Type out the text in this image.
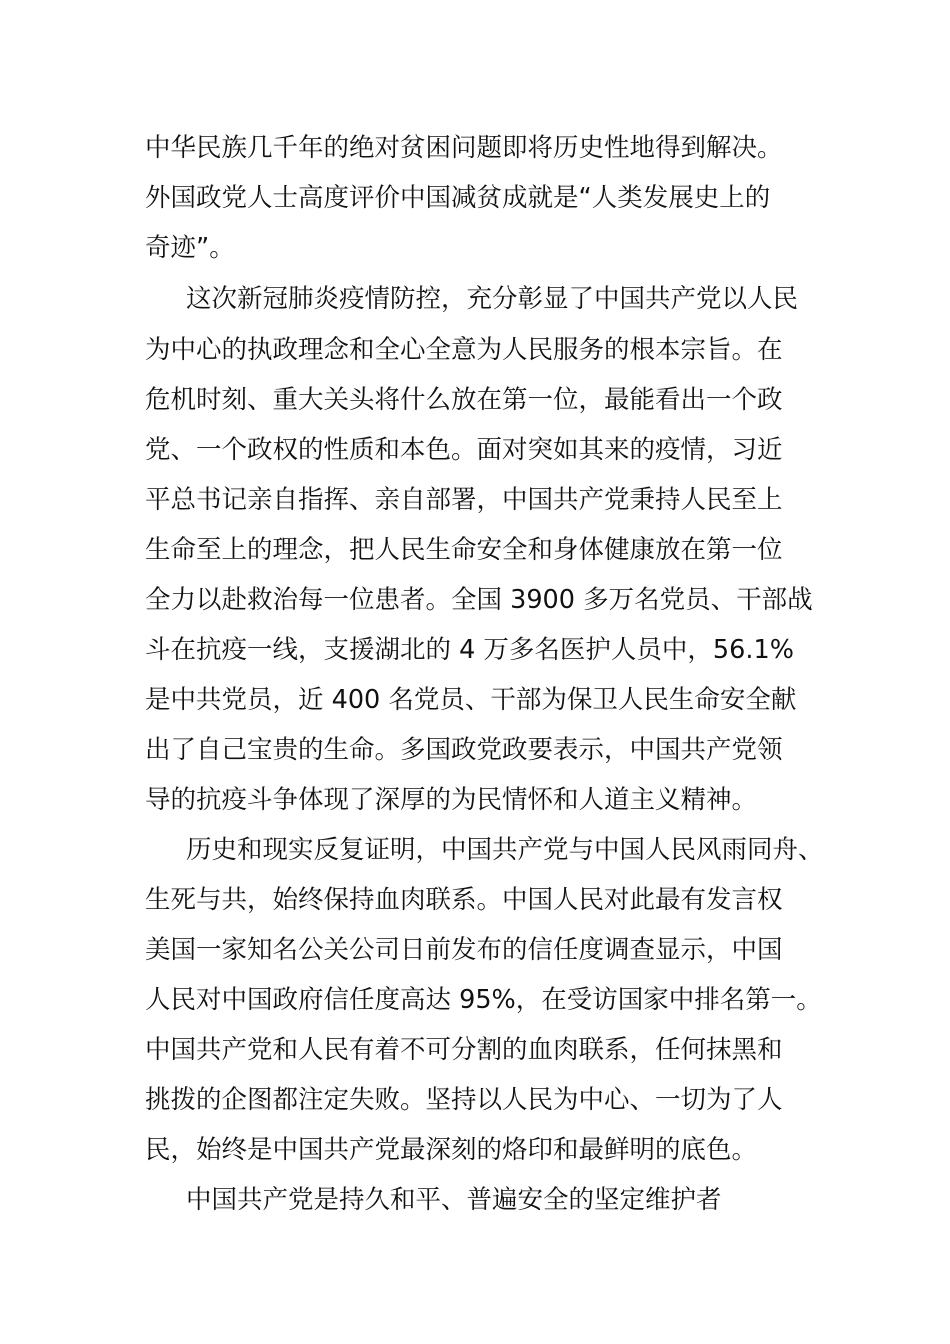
中华民族几千年的绝对贫困问题即将历史性地得到解决。
外国政党人士高度评价中国减贫成就是“人类发展史上的
奇迹”。
这次新冠肺炎疫情防控，充分彰显了中国共产党以人民
为中心的执政理念和全心全意为人民服务的根本宗旨。在
危机时刻、重大关头将什么放在第一位，最能看出一个政
党、一个政权的性质和本色。面对突如其来的疫情，习近
平总书记亲自指挥、亲自部署，中国共产党秉持人民至上
生命至上的理念，把人民生命安全和身体健康放在第一位
全力以赴救治每一位患者。全国 3900 多万名党员、干部战
斗在抗疫一线，支援湖北的 4 万多名医护人员中，56.1%
是中共党员，近 400 名党员、干部为保卫人民生命安全献
出了自己宝贵的生命。多国政党政要表示，中国共产党领
导的抗疫斗争体现了深厚的为民情怀和人道主义精神。
历史和现实反复证明，中国共产党与中国人民风雨同舟、
生死与共，始终保持血肉联系。中国人民对此最有发言权
美国一家知名公关公司日前发布的信任度调查显示，中国
人民对中国政府信任度高达 95%，在受访国家中排名第一。
中国共产党和人民有着不可分割的血肉联系，任何抹黑和
挑拨的企图都注定失败。坚持以人民为中心、一切为了人
民，始终是中国共产党最深刻的烙印和最鲜明的底色。
中国共产党是持久和平、普遍安全的坚定维护者
